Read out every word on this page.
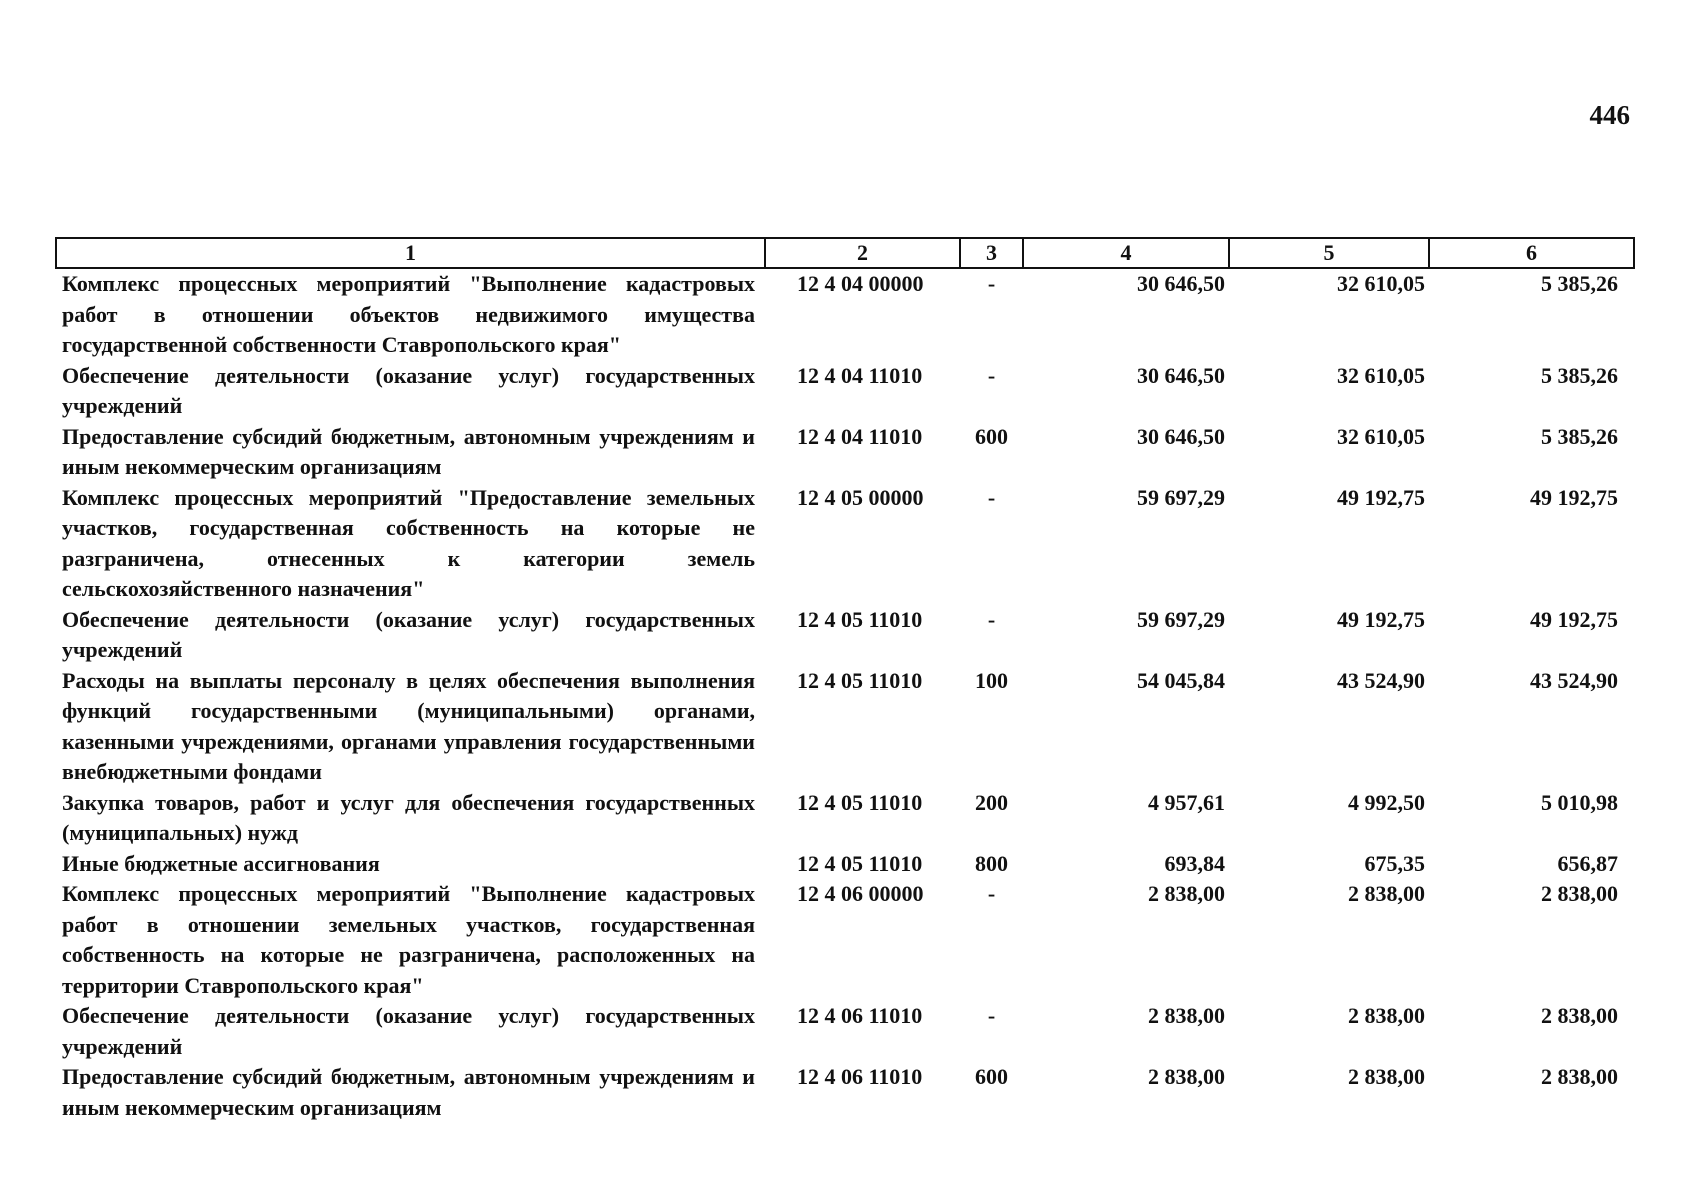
446
1	2	3	4	5	6
Комплекс процессных мероприятий "Выполнение кадастровых работ в отношении объектов недвижимого имущества государственной собственности Ставропольского края"	12 4 04 00000	-	30 646,50	32 610,05	5 385,26
Обеспечение деятельности (оказание услуг) государственных учреждений	12 4 04 11010	-	30 646,50	32 610,05	5 385,26
Предоставление субсидий бюджетным, автономным учреждениям и иным некоммерческим организациям	12 4 04 11010	600	30 646,50	32 610,05	5 385,26
Комплекс процессных мероприятий "Предоставление земельных участков, государственная собственность на которые не разграничена, отнесенных к категории земель сельскохозяйственного назначения"	12 4 05 00000	-	59 697,29	49 192,75	49 192,75
Обеспечение деятельности (оказание услуг) государственных учреждений	12 4 05 11010	-	59 697,29	49 192,75	49 192,75
Расходы на выплаты персоналу в целях обеспечения выполнения функций государственными (муниципальными) органами, казенными учреждениями, органами управления государственными внебюджетными фондами	12 4 05 11010	100	54 045,84	43 524,90	43 524,90
Закупка товаров, работ и услуг для обеспечения государственных (муниципальных) нужд	12 4 05 11010	200	4 957,61	4 992,50	5 010,98
Иные бюджетные ассигнования	12 4 05 11010	800	693,84	675,35	656,87
Комплекс процессных мероприятий "Выполнение кадастровых работ в отношении земельных участков, государственная собственность на которые не разграничена, расположенных на территории Ставропольского края"	12 4 06 00000	-	2 838,00	2 838,00	2 838,00
Обеспечение деятельности (оказание услуг) государственных учреждений	12 4 06 11010	-	2 838,00	2 838,00	2 838,00
Предоставление субсидий бюджетным, автономным учреждениям и иным некоммерческим организациям	12 4 06 11010	600	2 838,00	2 838,00	2 838,00
